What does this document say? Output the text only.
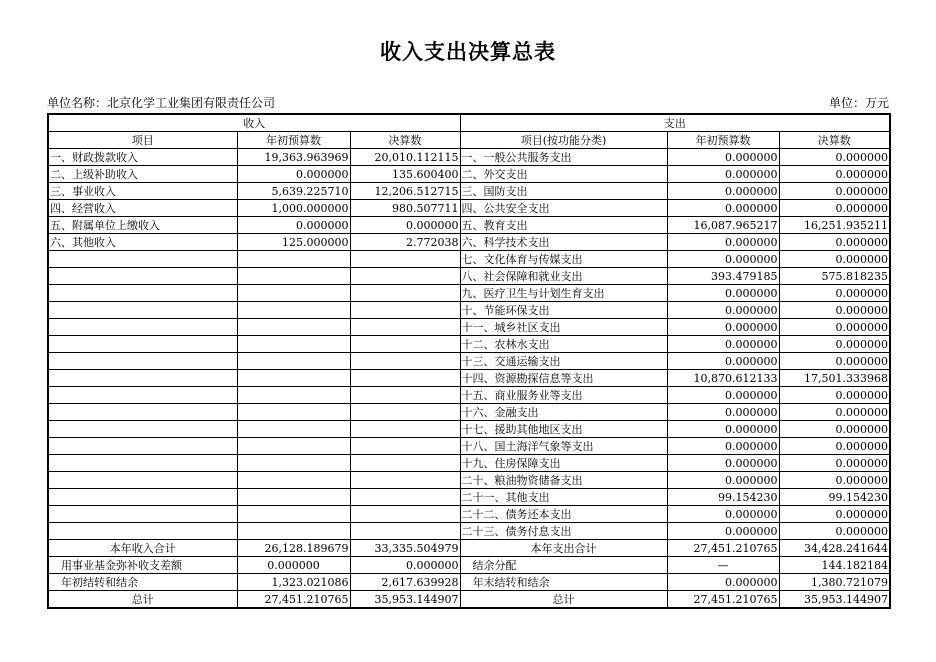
收入支出决算总表
单位名称：北京化学工业集团有限责任公司	单位：万元
收入			支出		
项目	年初预算数	决算数	项目(按功能分类)	年初预算数	决算数
一、财政拨款收入	19,363.963969	20,010.112115	一、一般公共服务支出	0.000000	0.000000
二、上级补助收入	0.000000	135.600400	二、外交支出	0.000000	0.000000
三、事业收入	5,639.225710	12,206.512715	三、国防支出	0.000000	0.000000
四、经营收入	1,000.000000	980.507711	四、公共安全支出	0.000000	0.000000
五、附属单位上缴收入	0.000000	0.000000	五、教育支出	16,087.965217	16,251.935211
六、其他收入	125.000000	2.772038	六、科学技术支出	0.000000	0.000000
			七、文化体育与传媒支出	0.000000	0.000000
			八、社会保障和就业支出	393.479185	575.818235
			九、医疗卫生与计划生育支出	0.000000	0.000000
			十、节能环保支出	0.000000	0.000000
			十一、城乡社区支出	0.000000	0.000000
			十二、农林水支出	0.000000	0.000000
			十三、交通运输支出	0.000000	0.000000
			十四、资源勘探信息等支出	10,870.612133	17,501.333968
			十五、商业服务业等支出	0.000000	0.000000
			十六、金融支出	0.000000	0.000000
			十七、援助其他地区支出	0.000000	0.000000
			十八、国土海洋气象等支出	0.000000	0.000000
			十九、住房保障支出	0.000000	0.000000
			二十、粮油物资储备支出	0.000000	0.000000
			二十一、其他支出	99.154230	99.154230
			二十二、债务还本支出	0.000000	0.000000
			二十三、债务付息支出	0.000000	0.000000
本年收入合计	26,128.189679	33,335.504979	本年支出合计	27,451.210765	34,428.241644
用事业基金弥补收支差额	0.000000	0.000000	结余分配	—	144.182184
年初结转和结余	1,323.021086	2,617.639928	年末结转和结余	0.000000	1,380.721079
总计	27,451.210765	35,953.144907	总计	27,451.210765	35,953.144907
